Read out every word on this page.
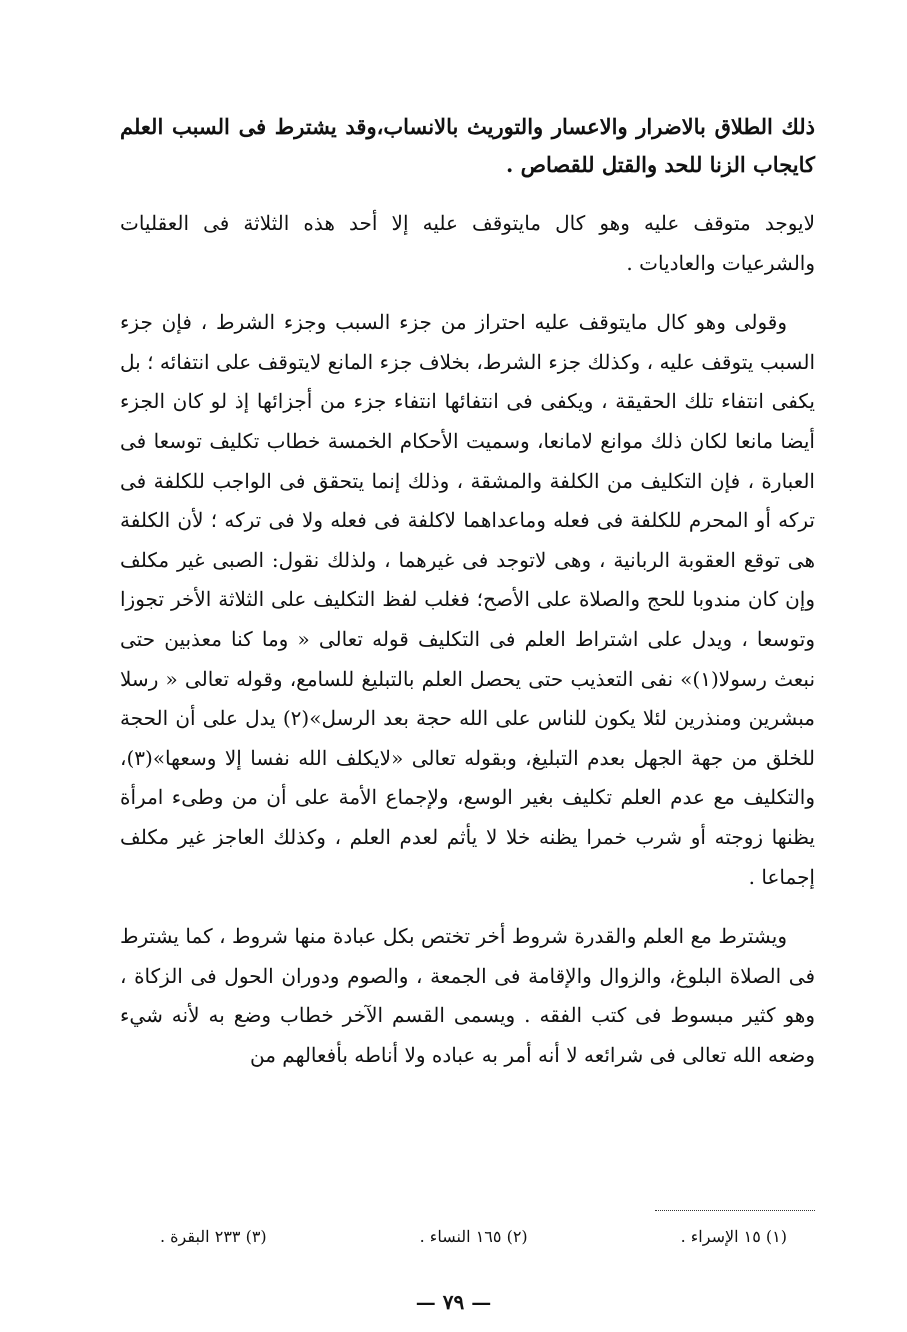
ذلك الطلاق بالاضرار والاعسار والتوريث بالانساب،وقد يشترط فى السبب العلم كايجاب الزنا للحد والقتل للقصاص .

لايوجد متوقف عليه وهو كال مايتوقف عليه إلا أحد هذه الثلاثة فى العقليات والشرعيات والعاديات .

وقولى وهو كال مايتوقف عليه احتراز من جزء السبب وجزء الشرط ، فإن جزء السبب يتوقف عليه ، وكذلك جزء الشرط، بخلاف جزء المانع لايتوقف على انتفائه ؛ بل يكفى انتفاء تلك الحقيقة ، ويكفى فى انتفائها انتفاء جزء من أجزائها إذ لو كان الجزء أيضا مانعا لكان ذلك موانع لامانعا، وسميت الأحكام الخمسة خطاب تكليف توسعا فى العبارة ، فإن التكليف من الكلفة والمشقة ، وذلك إنما يتحقق فى الواجب للكلفة فى تركه أو المحرم للكلفة فى فعله وماعداهما لاكلفة فى فعله ولا فى تركه ؛ لأن الكلفة هى توقع العقوبة الربانية ، وهى لاتوجد فى غيرهما ، ولذلك نقول: الصبى غير مكلف وإن كان مندوبا للحج والصلاة على الأصح؛ فغلب لفظ التكليف على الثلاثة الأخر تجوزا وتوسعا ، ويدل على اشتراط العلم فى التكليف قوله تعالى « وما كنا معذبين حتى نبعث رسولا(١)» نفى التعذيب حتى يحصل العلم بالتبليغ للسامع، وقوله تعالى « رسلا مبشرين ومنذرين لئلا يكون للناس على الله حجة بعد الرسل»(٢) يدل على أن الحجة للخلق من جهة الجهل بعدم التبليغ، وبقوله تعالى «لايكلف الله نفسا إلا وسعها»(٣)، والتكليف مع عدم العلم تكليف بغير الوسع، ولإجماع الأمة على أن من وطىء امرأة يظنها زوجته أو شرب خمرا يظنه خلا لا يأثم لعدم العلم ، وكذلك العاجز غير مكلف إجماعا .

ويشترط مع العلم والقدرة شروط أخر تختص بكل عبادة منها شروط ، كما يشترط فى الصلاة البلوغ، والزوال والإقامة فى الجمعة ، والصوم ودوران الحول فى الزكاة ، وهو كثير مبسوط فى كتب الفقه . ويسمى القسم الآخر خطاب وضع به لأنه شيء وضعه الله تعالى فى شرائعه لا أنه أمر به عباده ولا أناطه بأفعالهم من

(١) ١٥ الإسراء .
(٢) ١٦٥ النساء .
(٣) ٢٣٣ البقرة .
— ٧٩ —
